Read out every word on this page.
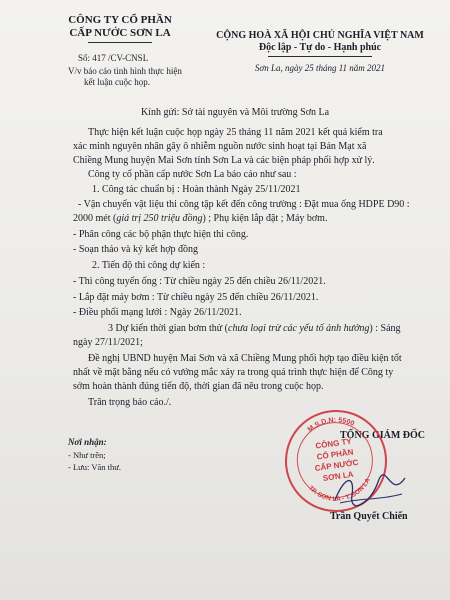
CÔNG TY CỔ PHẦN
CẤP NƯỚC SƠN LA
Số: 417 /CV-CNSL
V/v báo cáo tình hình thực hiện
kết luận cuộc họp.
CỘNG HOÀ XÃ HỘI CHỦ NGHĨA VIỆT NAM
Độc lập - Tự do - Hạnh phúc
Sơn La, ngày 25 tháng 11 năm 2021
Kính gửi: Sở tài nguyên và Môi trường Sơn La
Thực hiện kết luận cuộc họp ngày 25 tháng 11 năm 2021 kết quả kiểm tra
xác minh nguyên nhân gây ô nhiễm nguồn nước sinh hoạt tại Bản Mạt xã
Chiềng Mung huyện Mai Sơn tỉnh Sơn La và các biện pháp phối hợp xử lý.
Công ty cổ phần cấp nước Sơn La báo cáo như sau :
1. Công tác chuẩn bị : Hoàn thành Ngày 25/11/2021
- Vận chuyển vật liệu thi công tập kết đến công trường : Đặt mua ống HDPE D90 :
2000 mét (giá trị 250 triệu đồng) ; Phụ kiện lắp đặt ; Máy bơm.
- Phân công các bộ phận thực hiện thi công.
- Soạn thảo và ký kết hợp đồng
2. Tiến độ thi công dự kiến :
- Thi công tuyến ống : Từ chiều ngày 25 đến chiều 26/11/2021.
- Lắp đặt máy bơm : Từ chiều ngày 25 đến chiều 26/11/2021.
- Điều phối mạng lưới : Ngày 26/11/2021.
3 Dự kiến thời gian bơm thử (chưa loại trừ các yếu tố ảnh hưởng) : Sáng
ngày 27/11/2021;
Đề nghị UBND huyện Mai Sơn và xã Chiềng Mung phối hợp tạo điều kiện tốt
nhất về mặt bằng nếu có vướng mắc xảy ra trong quá trình thực hiện để Công ty
sớm hoàn thành đúng tiến độ, thời gian đã nêu trong cuộc họp.
Trân trọng báo cáo./.
Nơi nhận:
- Như trên;
- Lưu: Văn thư.
TỔNG GIÁM ĐỐC
M.S.D.N: 5500
TP. SƠN LA - T. SƠN LA
CÔNG TY
CỔ PHẦN
CẤP NƯỚC
SƠN LA
Trần Quyết Chiến
